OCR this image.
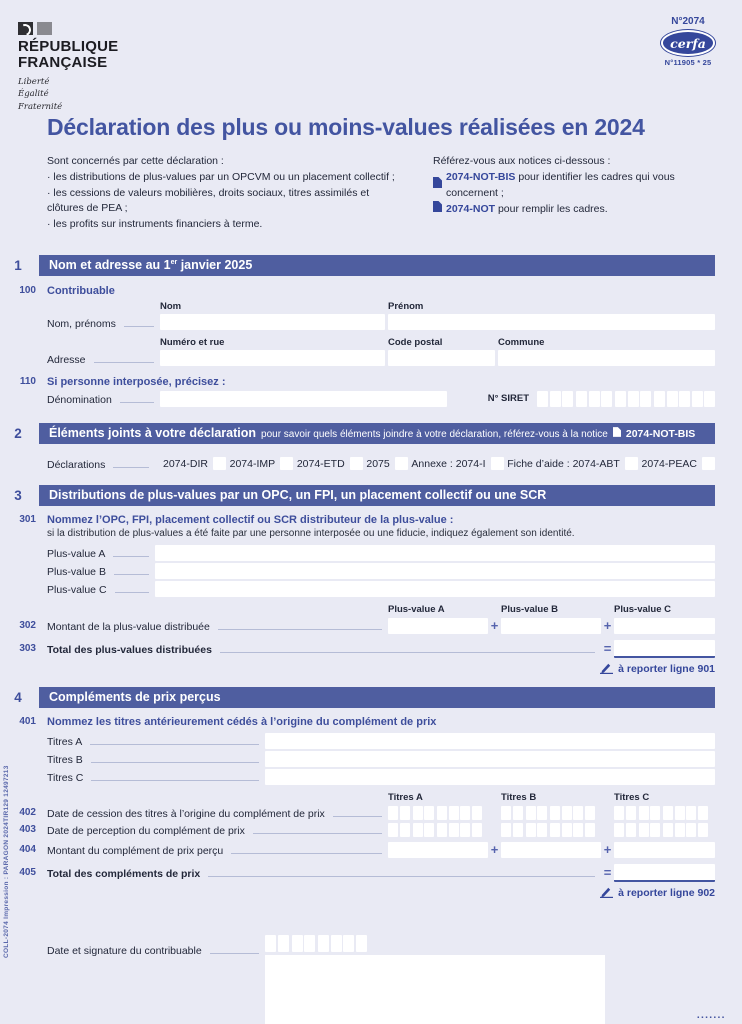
RÉPUBLIQUE
FRANÇAISE
Liberté
Égalité
Fraternité
N°2074
cerfa
N°11905 * 25
Déclaration des plus ou moins-values réalisées en 2024
Sont concernés par cette déclaration :
· les distributions de plus-values par un OPCVM ou un placement collectif ;
· les cessions de valeurs mobilières, droits sociaux, titres assimilés et clôtures de PEA ;
· les profits sur instruments financiers à terme.
Référez-vous aux notices ci-dessous :
2074-NOT-BIS pour identifier les cadres qui vous concernent ;
2074-NOT pour remplir les cadres.
1	Nom et adresse au 1er janvier 2025
100 Contribuable
Nom, prénoms
Nom	Prénom
Adresse
Numéro et rue	Code postal	Commune
110 Si personne interposée, précisez :
Dénomination	N° SIRET
2	Éléments joints à votre déclaration pour savoir quels éléments joindre à votre déclaration, référez-vous à la notice 2074-NOT-BIS
Déclarations	2074-DIR 2074-IMP 2074-ETD 2075 Annexe : 2074-I Fiche d’aide : 2074-ABT 2074-PEAC
3	Distributions de plus-values par un OPC, un FPI, un placement collectif ou une SCR
301 Nommez l’OPC, FPI, placement collectif ou SCR distributeur de la plus-value :
si la distribution de plus-values a été faite par une personne interposée ou une fiducie, indiquez également son identité.
Plus-value A
Plus-value B
Plus-value C
Plus-value A	Plus-value B	Plus-value C
302 Montant de la plus-value distribuée	+	+
303 Total des plus-values distribuées	=
à reporter ligne 901
4	Compléments de prix perçus
401 Nommez les titres antérieurement cédés à l’origine du complément de prix
Titres A
Titres B
Titres C
Titres A	Titres B	Titres C
402 Date de cession des titres à l’origine du complément de prix
403 Date de perception du complément de prix
404 Montant du complément de prix perçu	+	+
405 Total des compléments de prix	=
à reporter ligne 902
Date et signature du contribuable
COLL-2074 Impression : PARAGON 2024TIR129 12497213
▪▪▪▪▪▪▪
